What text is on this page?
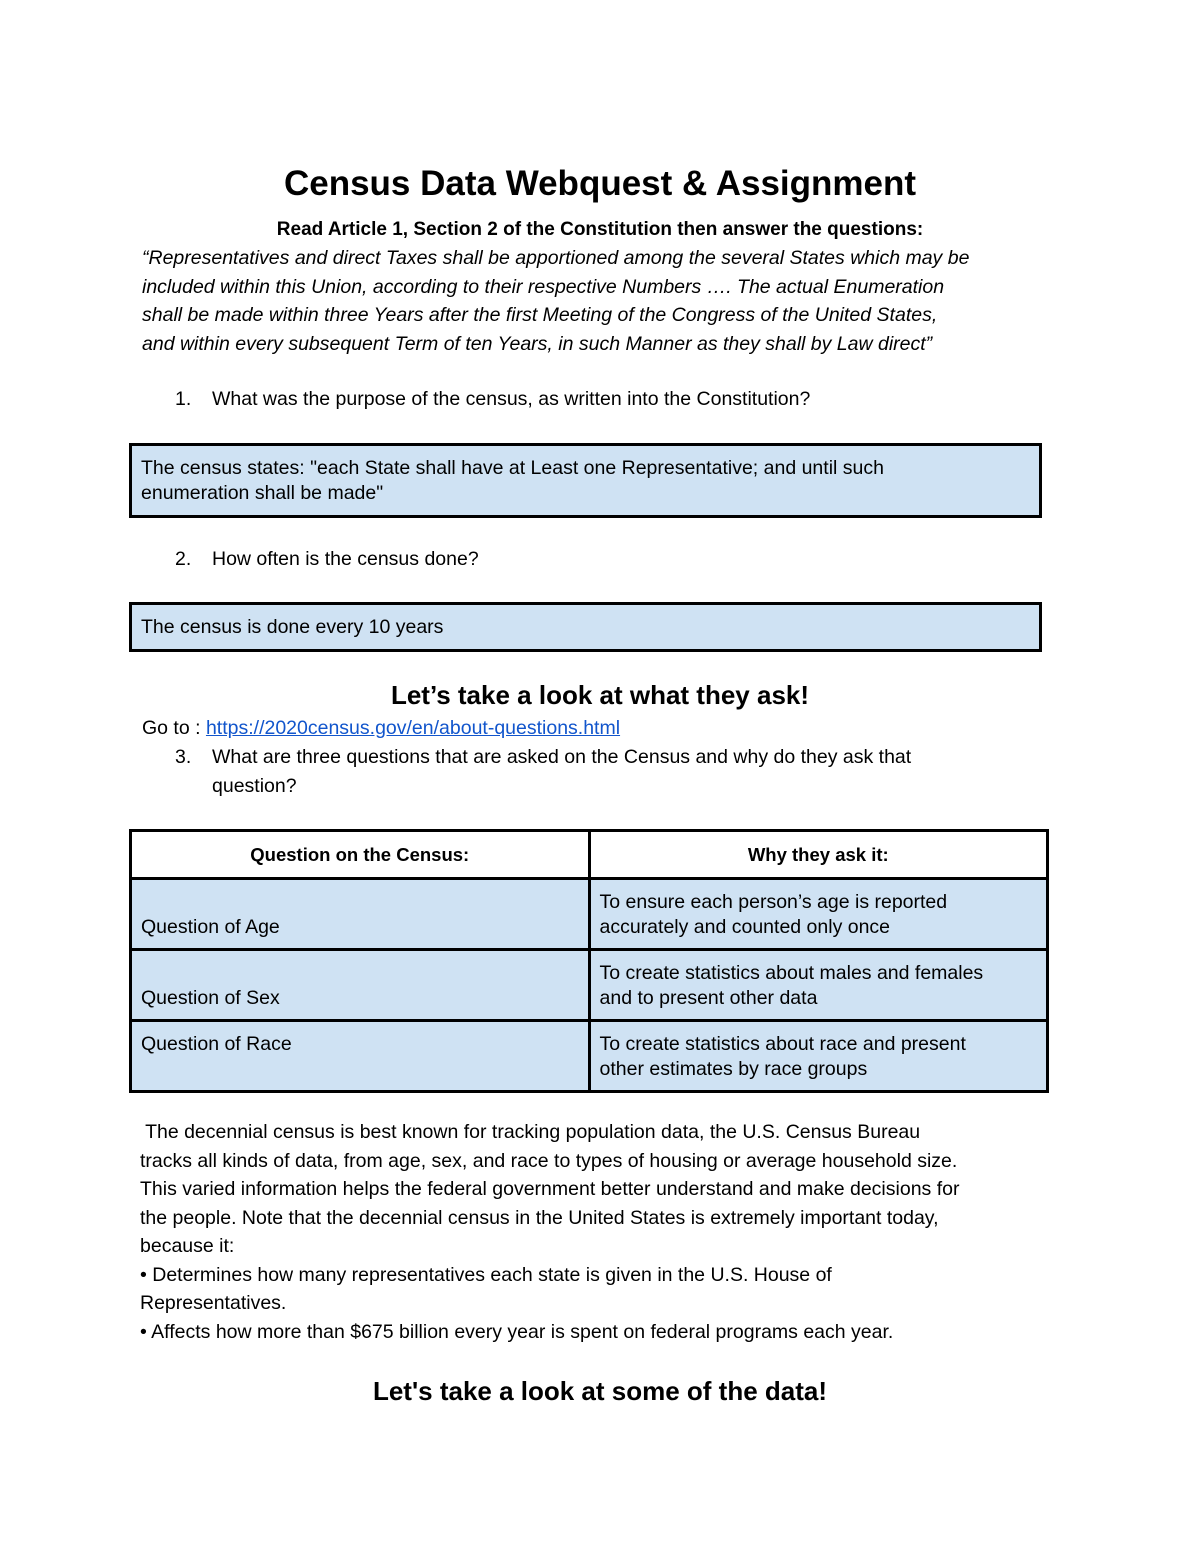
Census Data Webquest & Assignment
Read Article 1, Section 2 of the Constitution then answer the questions:
“Representatives and direct Taxes shall be apportioned among the several States which may be
included within this Union, according to their respective Numbers …. The actual Enumeration
shall be made within three Years after the first Meeting of the Congress of the United States,
and within every subsequent Term of ten Years, in such Manner as they shall by Law direct”
1. What was the purpose of the census, as written into the Constitution?
The census states: "each State shall have at Least one Representative; and until such
enumeration shall be made"
2. How often is the census done?
The census is done every 10 years
Let’s take a look at what they ask!
Go to : https://2020census.gov/en/about-questions.html
3. What are three questions that are asked on the Census and why do they ask that
question?
Question on the Census:	Why they ask it:
Question of Age	To ensure each person’s age is reported
accurately and counted only once

Question of Sex	To create statistics about males and females
and to present other data

Question of Race	To create statistics about race and present
other estimates by race groups

The decennial census is best known for tracking population data, the U.S. Census Bureau

tracks all kinds of data, from age, sex, and race to types of housing or average household size.

This varied information helps the federal government better understand and make decisions for

the people. Note that the decennial census in the United States is extremely important today,

because it:

• Determines how many representatives each state is given in the U.S. House of

Representatives.

• Affects how more than $675 billion every year is spent on federal programs each year.

Let's take a look at some of the data!
